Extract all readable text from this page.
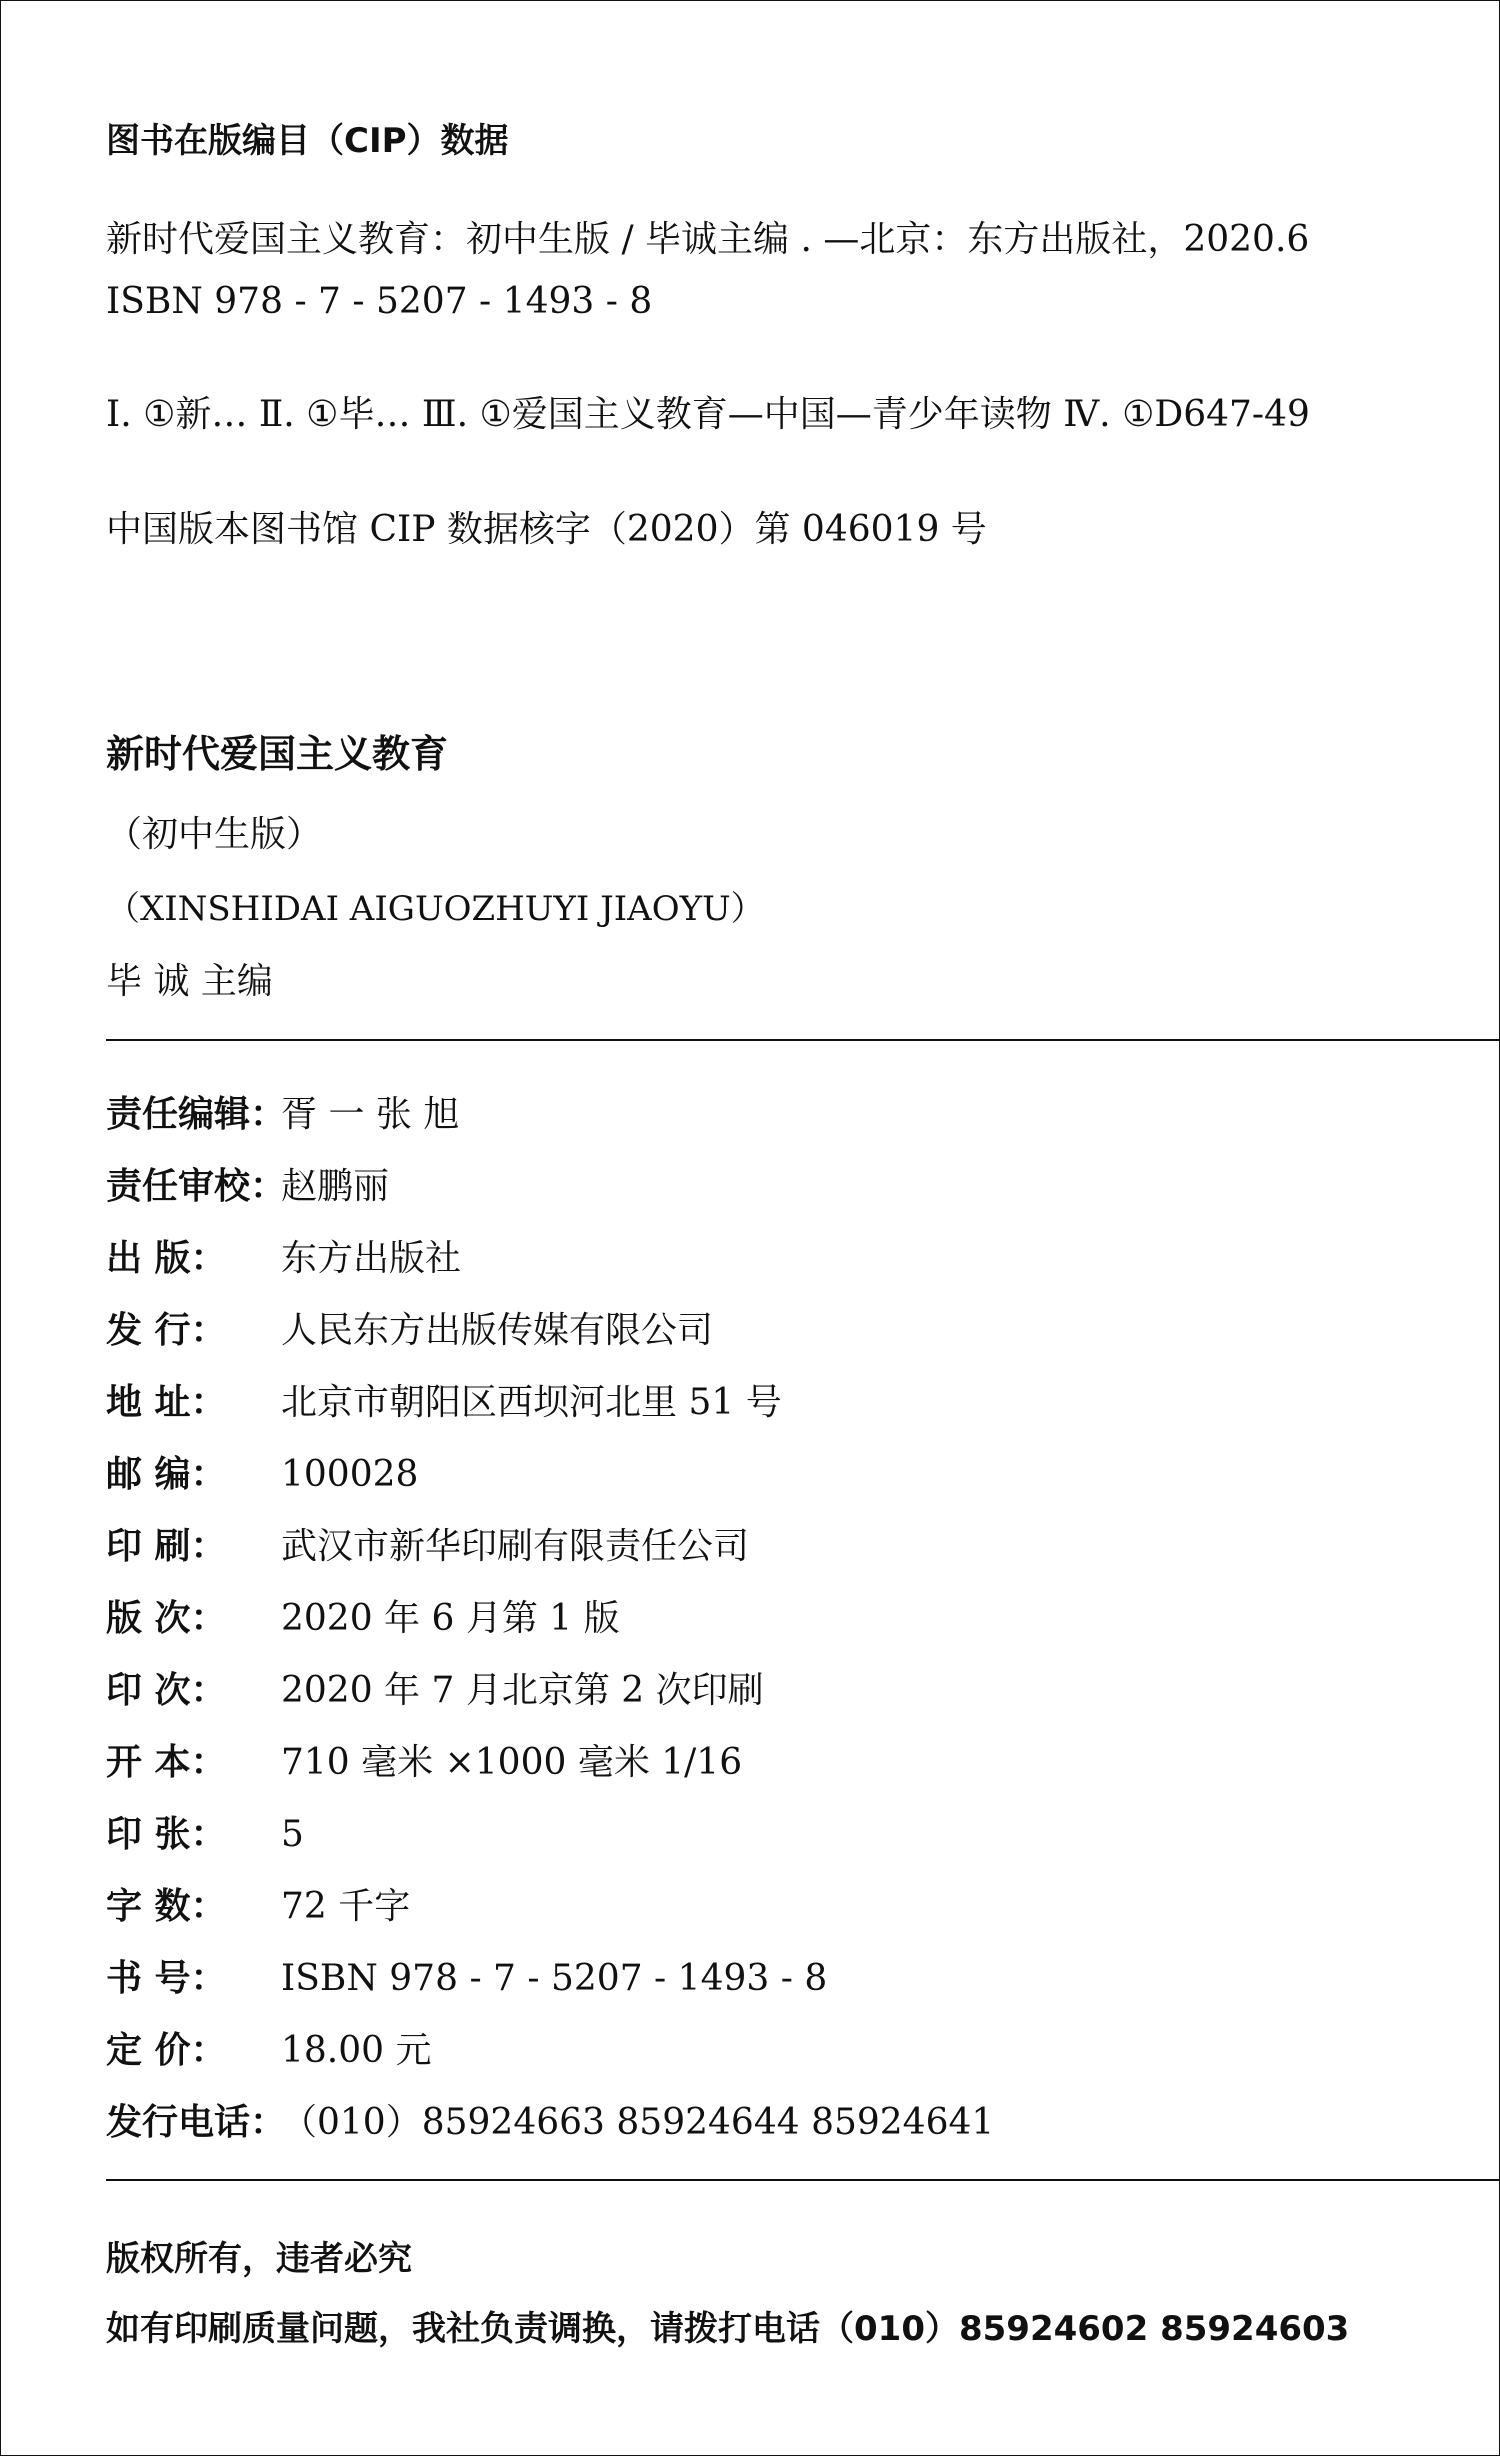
图书在版编目（CIP）数据
新时代爱国主义教育：初中生版 / 毕诚主编 . —北京：东方出版社，2020.6
ISBN 978 - 7 - 5207 - 1493 - 8
Ⅰ. ①新… Ⅱ. ①毕… Ⅲ. ①爱国主义教育—中国—青少年读物 Ⅳ. ①D647-49
中国版本图书馆 CIP 数据核字（2020）第 046019 号
新时代爱国主义教育
（初中生版）
（XINSHIDAI AIGUOZHUYI JIAOYU）
毕 诚 主编
责任编辑：
胥 一 张 旭
责任审校：
赵鹏丽
出 版：	东方出版社
发 行：	人民东方出版传媒有限公司
地 址：	北京市朝阳区西坝河北里 51 号
邮 编：	100028
印 刷：	武汉市新华印刷有限责任公司
版 次：	2020 年 6 月第 1 版
印 次：	2020 年 7 月北京第 2 次印刷
开 本：	710 毫米 ×1000 毫米 1/16
印 张：	5
字 数：	72 千字
书 号：	ISBN 978 - 7 - 5207 - 1493 - 8
定 价：	18.00 元
发行电话：
（010）85924663 85924644 85924641
版权所有，违者必究
如有印刷质量问题，我社负责调换，请拨打电话（010）85924602 85924603
